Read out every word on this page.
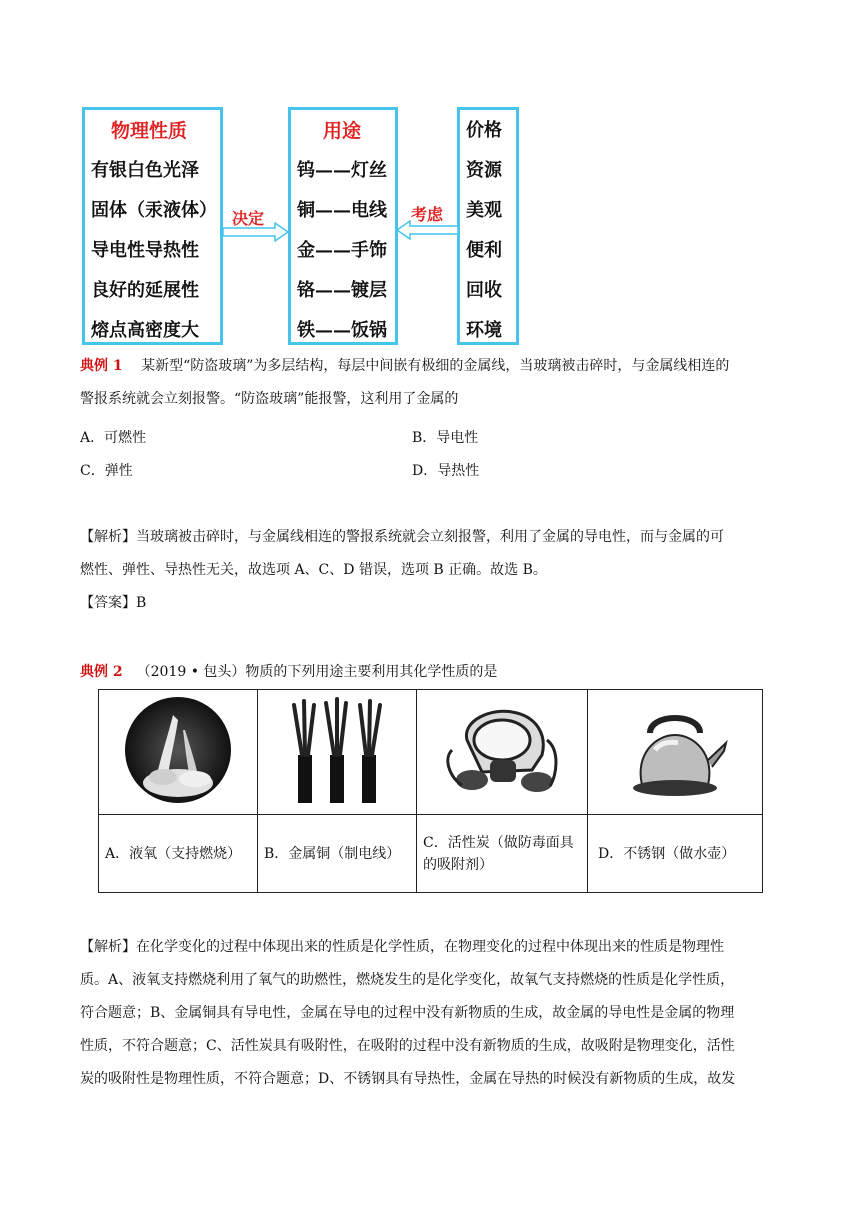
物理性质
有银白色光泽
固体（汞液体）
导电性导热性
良好的延展性
熔点高密度大
用途
钨——灯丝
铜——电线
金——手饰
铬——镀层
铁——饭锅
价格
资源
美观
便利
回收
环境
决定	考虑
典例 1  某新型“防盗玻璃”为多层结构，每层中间嵌有极细的金属线，当玻璃被击碎时，与金属线相连的
警报系统就会立刻报警。“防盗玻璃”能报警，这利用了金属的
A．可燃性	B．导电性
C．弹性	D．导热性
【解析】当玻璃被击碎时，与金属线相连的警报系统就会立刻报警，利用了金属的导电性，而与金属的可
燃性、弹性、导热性无关，故选项 A、C、D 错误，选项 B 正确。故选 B。
【答案】B
典例 2  （2019 • 包头）物质的下列用途主要利用其化学性质的是

A．液氧（支持燃烧）	B．金属铜（制电线）	C．活性炭（做防毒面具的吸附剂）	D．不锈钢（做水壶）
【解析】在化学变化的过程中体现出来的性质是化学性质，在物理变化的过程中体现出来的性质是物理性
质。A、液氧支持燃烧利用了氧气的助燃性，燃烧发生的是化学变化，故氧气支持燃烧的性质是化学性质，
符合题意；B、金属铜具有导电性，金属在导电的过程中没有新物质的生成，故金属的导电性是金属的物理
性质，不符合题意；C、活性炭具有吸附性，在吸附的过程中没有新物质的生成，故吸附是物理变化，活性
炭的吸附性是物理性质，不符合题意；D、不锈钢具有导热性，金属在导热的时候没有新物质的生成，故发
